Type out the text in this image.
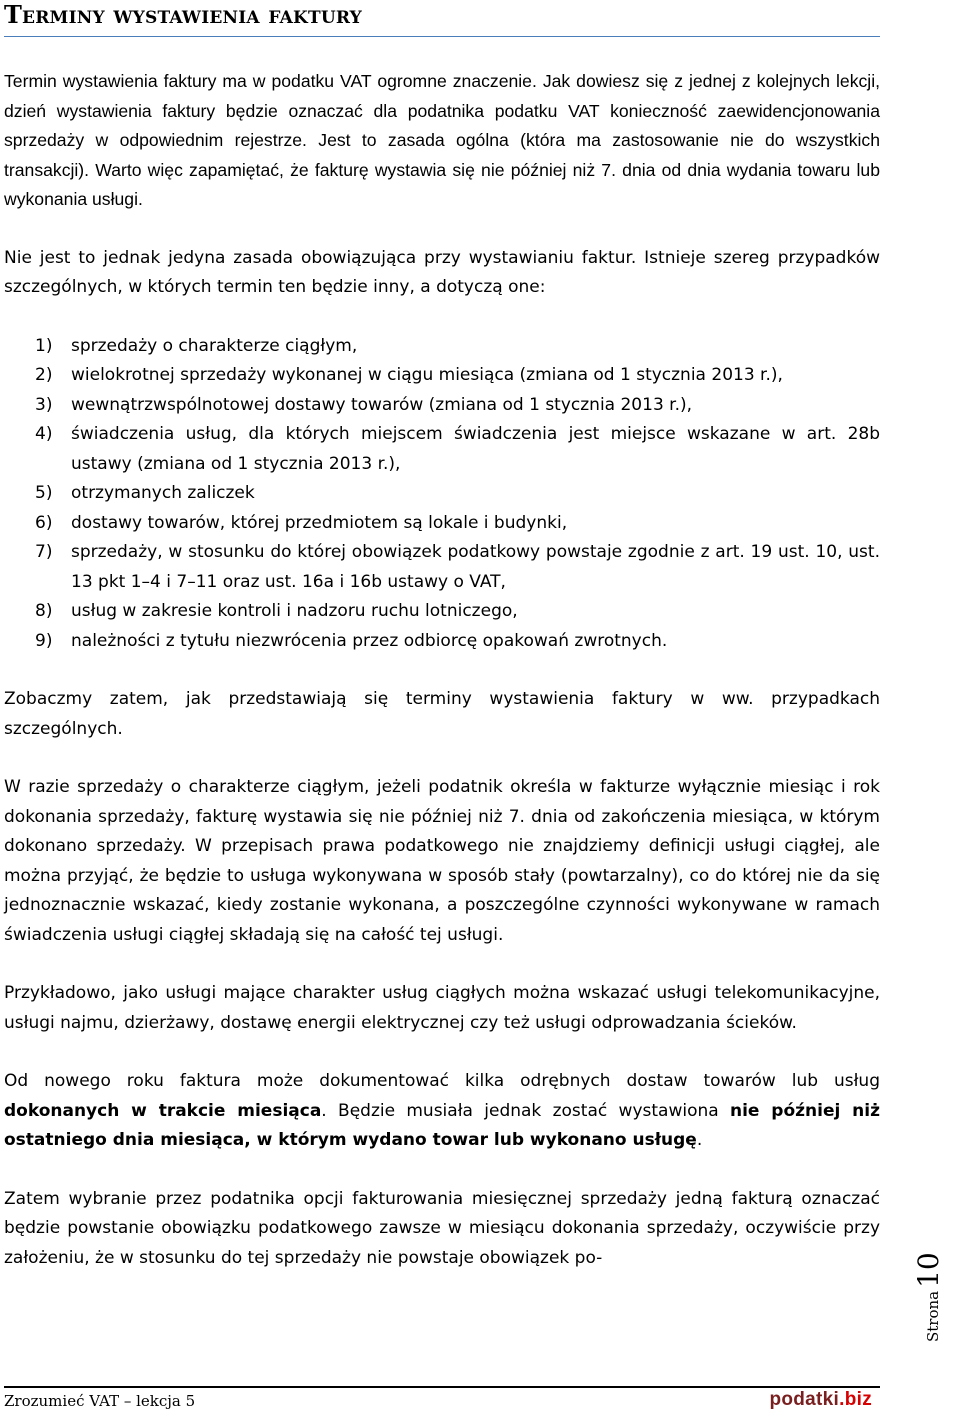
Terminy wystawienia faktury

Termin wystawienia faktury ma w podatku VAT ogromne znaczenie. Jak dowiesz się z jednej z kolejnych lekcji, dzień wystawienia faktury będzie oznaczać dla podatnika podatku VAT konieczność zaewidencjonowania sprzedaży w odpowiednim rejestrze. Jest to zasada ogólna (która ma zastosowanie nie do wszystkich transakcji). Warto więc zapamiętać, że fakturę wystawia się nie później niż 7. dnia od dnia wydania towaru lub wykonania usługi.

Nie jest to jednak jedyna zasada obowiązująca przy wystawianiu faktur. Istnieje szereg przypadków szczególnych, w których termin ten będzie inny, a dotyczą one:

1) sprzedaży o charakterze ciągłym,
2) wielokrotnej sprzedaży wykonanej w ciągu miesiąca (zmiana od 1 stycznia 2013 r.),
3) wewnątrzwspólnotowej dostawy towarów (zmiana od 1 stycznia 2013 r.),
4) świadczenia usług, dla których miejscem świadczenia jest miejsce wskazane w art. 28b ustawy (zmiana od 1 stycznia 2013 r.),
5) otrzymanych zaliczek
6) dostawy towarów, której przedmiotem są lokale i budynki,
7) sprzedaży, w stosunku do której obowiązek podatkowy powstaje zgodnie z art. 19 ust. 10, ust. 13 pkt 1–4 i 7–11 oraz ust. 16a i 16b ustawy o VAT,
8) usług w zakresie kontroli i nadzoru ruchu lotniczego,
9) należności z tytułu niezwrócenia przez odbiorcę opakowań zwrotnych.

Zobaczmy zatem, jak przedstawiają się terminy wystawienia faktury w ww. przypadkach szczególnych.

W razie sprzedaży o charakterze ciągłym, jeżeli podatnik określa w fakturze wyłącznie miesiąc i rok dokonania sprzedaży, fakturę wystawia się nie później niż 7. dnia od zakończenia miesiąca, w którym dokonano sprzedaży. W przepisach prawa podatkowego nie znajdziemy definicji usługi ciągłej, ale można przyjąć, że będzie to usługa wykonywana w sposób stały (powtarzalny), co do której nie da się jednoznacznie wskazać, kiedy zostanie wykonana, a poszczególne czynności wykonywane w ramach świadczenia usługi ciągłej składają się na całość tej usługi.

Przykładowo, jako usługi mające charakter usług ciągłych można wskazać usługi telekomunikacyjne, usługi najmu, dzierżawy, dostawę energii elektrycznej czy też usługi odprowadzania ścieków.

Od nowego roku faktura może dokumentować kilka odrębnych dostaw towarów lub usług dokonanych w trakcie miesiąca. Będzie musiała jednak zostać wystawiona nie później niż ostatniego dnia miesiąca, w którym wydano towar lub wykonano usługę.

Zatem wybranie przez podatnika opcji fakturowania miesięcznej sprzedaży jedną fakturą oznaczać będzie powstanie obowiązku podatkowego zawsze w miesiącu dokonania sprzedaży, oczywiście przy założeniu, że w stosunku do tej sprzedaży nie powstaje obowiązek po-

Strona10
Zrozumieć VAT – lekcja 5	podatki.biz
